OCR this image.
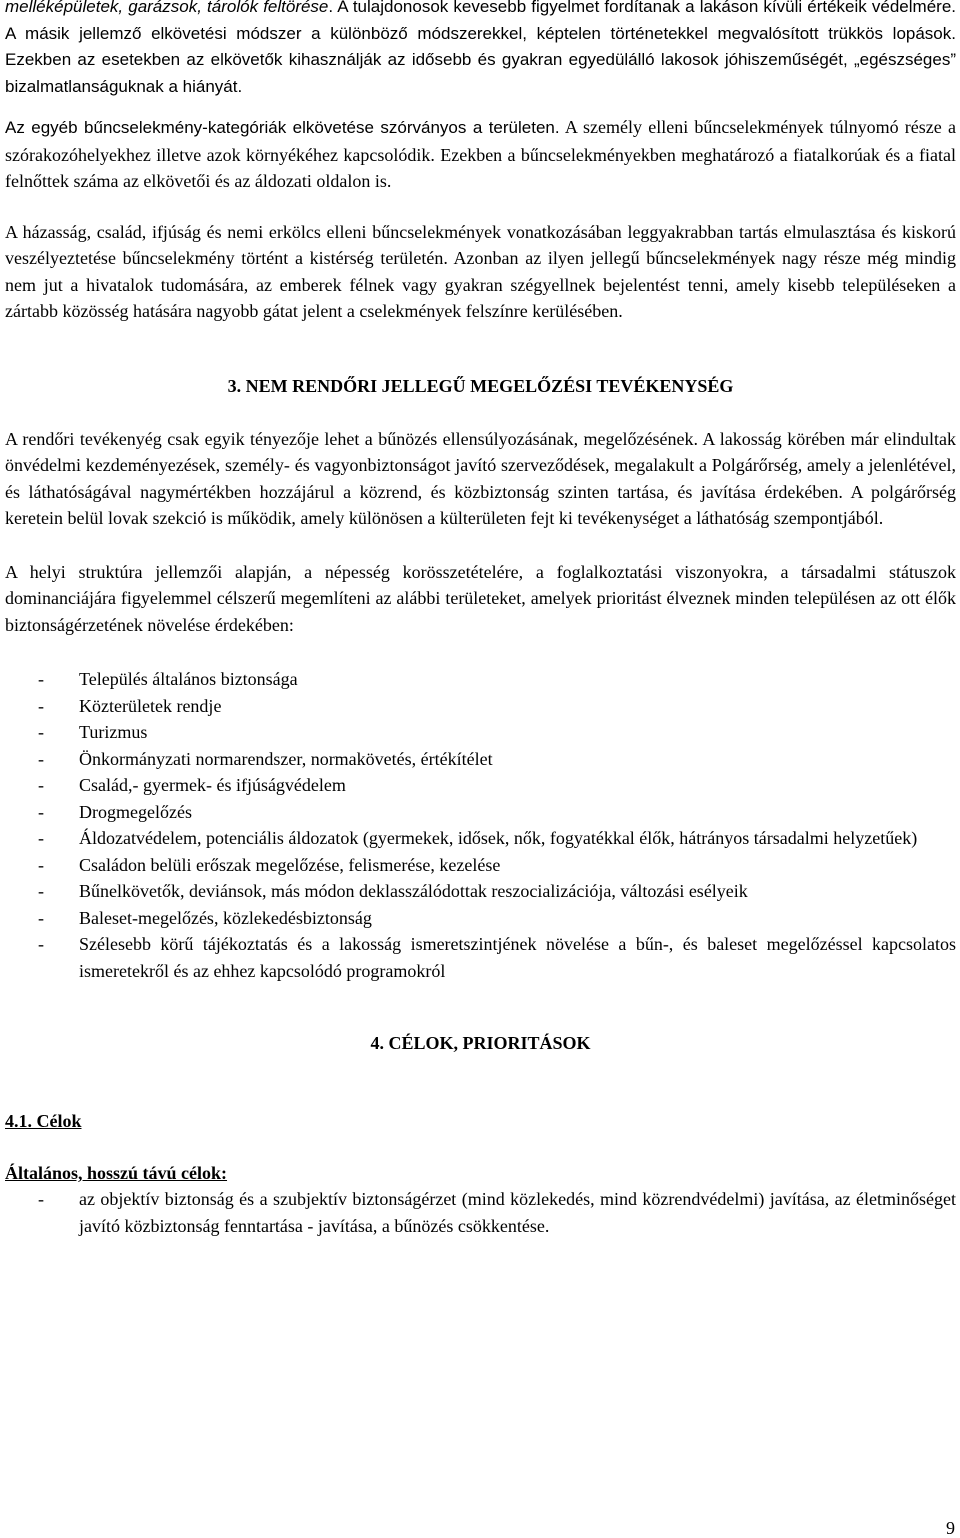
melléképületek, garázsok, tárolók feltörése. A tulajdonosok kevesebb figyelmet fordítanak a lakáson kívüli értékeik védelmére. A másik jellemző elkövetési módszer a különböző módszerekkel, képtelen történetekkel megvalósított trükkös lopások. Ezekben az esetekben az elkövetők kihasználják az idősebb és gyakran egyedülálló lakosok jóhiszeműségét, „egészséges” bizalmatlanságuknak a hiányát.

Az egyéb bűncselekmény-kategóriák elkövetése szórványos a területen. A személy elleni bűncselekmények túlnyomó része a szórakozóhelyekhez illetve azok környékéhez kapcsolódik. Ezekben a bűncselekményekben meghatározó a fiatalkorúak és a fiatal felnőttek száma az elkövetői és az áldozati oldalon is.

A házasság, család, ifjúság és nemi erkölcs elleni bűncselekmények vonatkozásában leggyakrabban tartás elmulasztása és kiskorú veszélyeztetése bűncselekmény történt a kistérség területén. Azonban az ilyen jellegű bűncselekmények nagy része még mindig nem jut a hivatalok tudomására, az emberek félnek vagy gyakran szégyellnek bejelentést tenni, amely kisebb településeken a zártabb közösség hatására nagyobb gátat jelent a cselekmények felszínre kerülésében.

3. NEM RENDŐRI JELLEGŰ MEGELŐZÉSI TEVÉKENYSÉG

A rendőri tevékenyég csak egyik tényezője lehet a bűnözés ellensúlyozásának, megelőzésének. A lakosság körében már elindultak önvédelmi kezdeményezések, személy- és vagyonbiztonságot javító szerveződések, megalakult a Polgárőrség, amely a jelenlétével, és láthatóságával nagymértékben hozzájárul a közrend, és közbiztonság szinten tartása, és javítása érdekében. A polgárőrség keretein belül lovak szekció is működik, amely különösen a külterületen fejt ki tevékenységet a láthatóság szempontjából.

A helyi struktúra jellemzői alapján, a népesség korösszetételére, a foglalkoztatási viszonyokra, a társadalmi státuszok dominanciájára figyelemmel célszerű megemlíteni az alábbi területeket, amelyek prioritást élveznek minden településen az ott élők biztonságérzetének növelése érdekében:

- Település általános biztonsága
- Közterületek rendje
- Turizmus
- Önkormányzati normarendszer, normakövetés, értékítélet
- Család,- gyermek- és ifjúságvédelem
- Drogmegelőzés
- Áldozatvédelem, potenciális áldozatok (gyermekek, idősek, nők, fogyatékkal élők, hátrányos társadalmi helyzetűek)
- Családon belüli erőszak megelőzése, felismerése, kezelése
- Bűnelkövetők, deviánsok, más módon deklasszálódottak reszocializációja, változási esélyeik
- Baleset-megelőzés, közlekedésbiztonság
- Szélesebb körű tájékoztatás és a lakosság ismeretszintjének növelése a bűn-, és baleset megelőzéssel kapcsolatos ismeretekről és az ehhez kapcsolódó programokról
4. CÉLOK, PRIORITÁSOK
4.1. Célok
Általános, hosszú távú célok:
- az objektív biztonság és a szubjektív biztonságérzet (mind közlekedés, mind közrendvédelmi) javítása, az életminőséget javító közbiztonság fenntartása - javítása, a bűnözés csökkentése.
9
